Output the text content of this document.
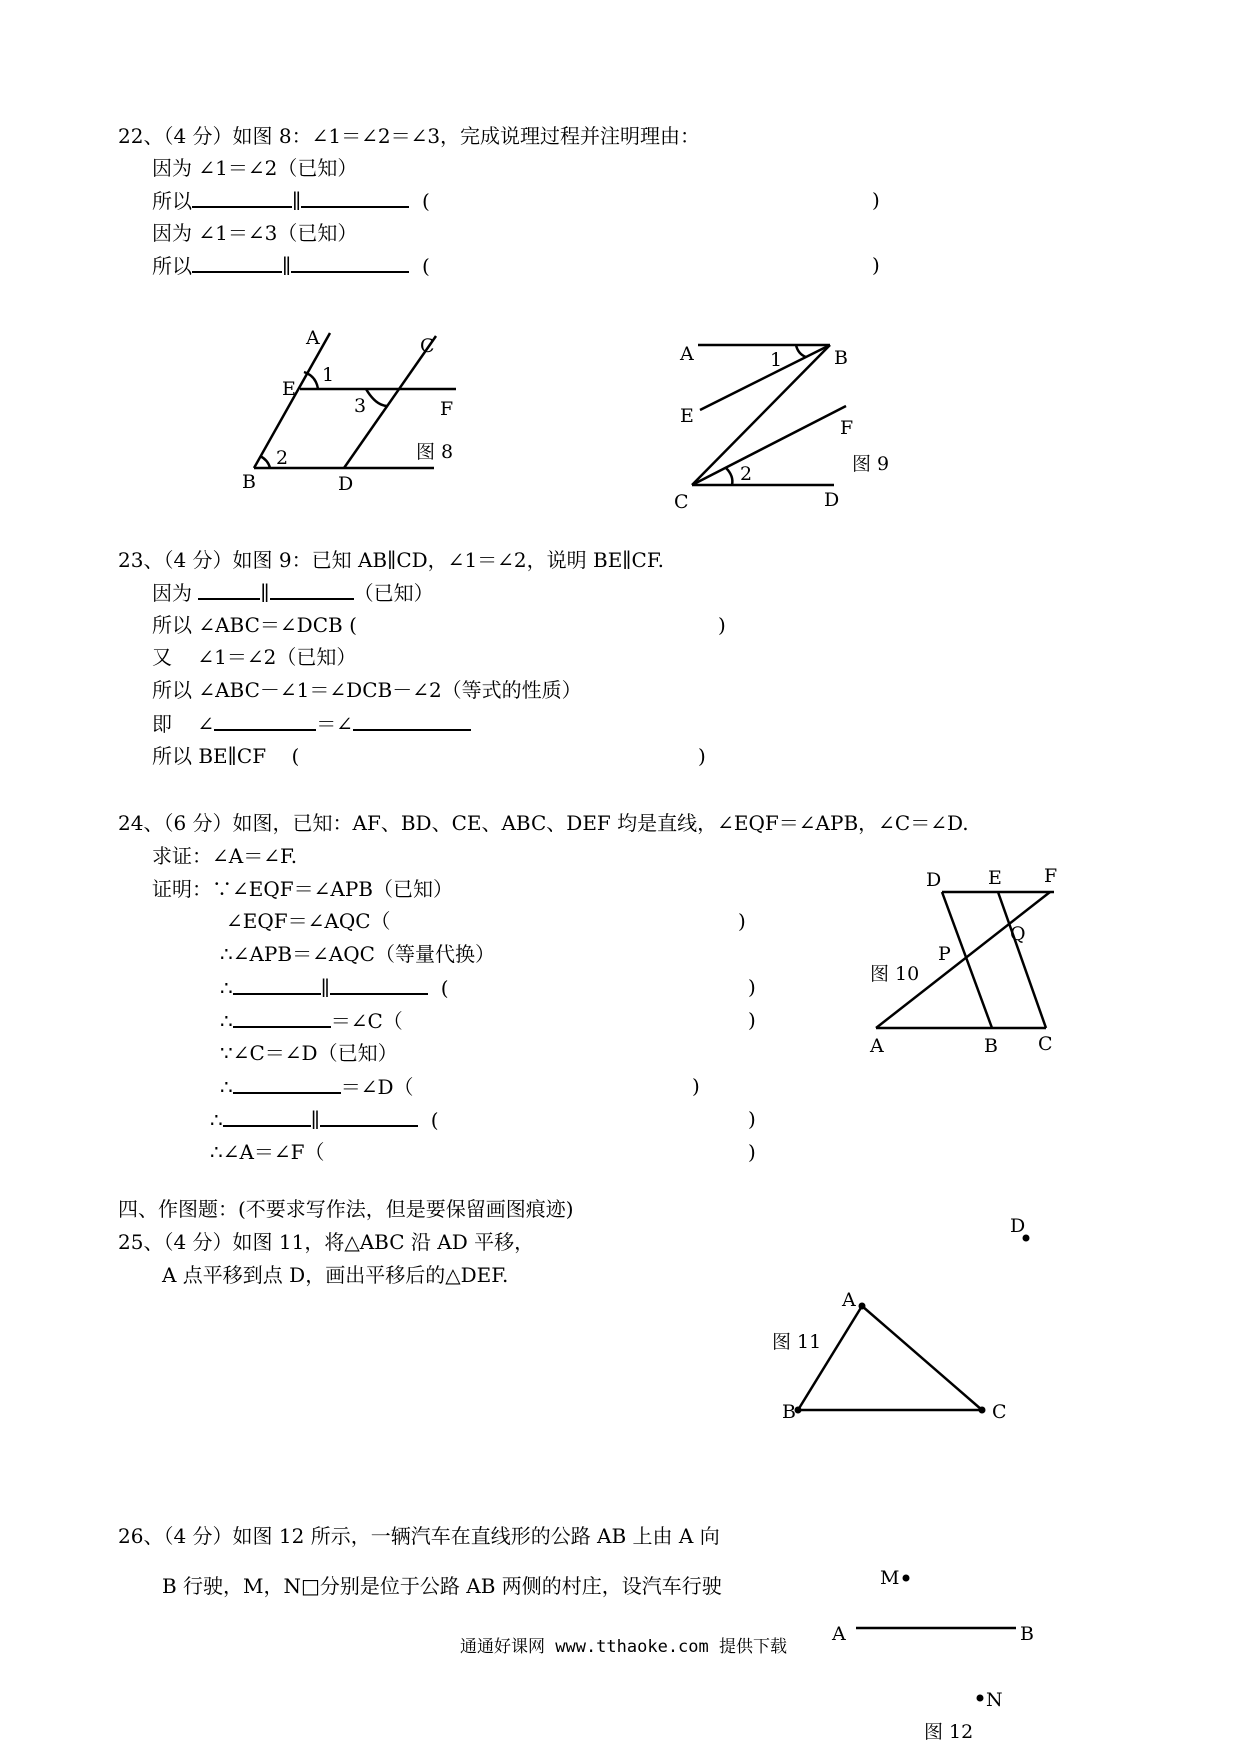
22、（4 分）如图 8：∠1＝∠2＝∠3，完成说理过程并注明理由：
因为 ∠1＝∠2（已知）
所以	∥	(	)
因为 ∠1＝∠3（已知）
所以	∥	(	)
A	C
E
F
1
3
2
B	D
图 8
A	B
1
E
F
2	图 9
C	D
23、（4 分）如图 9：已知 AB∥CD，∠1＝∠2，说明 BE∥CF.
因为	∥	（已知）
所以 ∠ABC＝∠DCB (	)
又    ∠1＝∠2（已知）
所以 ∠ABC－∠1＝∠DCB－∠2（等式的性质）
即    ∠	＝∠
所以 BE∥CF    (	)
24、（6 分）如图，已知：AF、BD、CE、ABC、DEF 均是直线，∠EQF＝∠APB，∠C＝∠D.
求证：∠A＝∠F.
证明：∵∠EQF＝∠APB（已知）
∠EQF＝∠AQC（	)
∴∠APB＝∠AQC（等量代换）
∴	∥	(	)
∴	＝∠C（	)
∵∠C＝∠D（已知）
∴	＝∠D（	)
∴	∥	(	)
∴∠A＝∠F（	)
D E F
Q
P
图 10
A	B C
四、作图题：(不要求写作法，但是要保留画图痕迹)
25、（4 分）如图 11，将△ABC 沿 AD 平移，
A 点平移到点 D，画出平移后的△DEF.
D
A
图 11
B	C
26、（4 分）如图 12 所示，一辆汽车在直线形的公路 AB 上由 A 向
B 行驶，M，N□分别是位于公路 AB 两侧的村庄，设汽车行驶	M
A	B
N
图 12
通通好课网 www.tthaoke.com 提供下载
